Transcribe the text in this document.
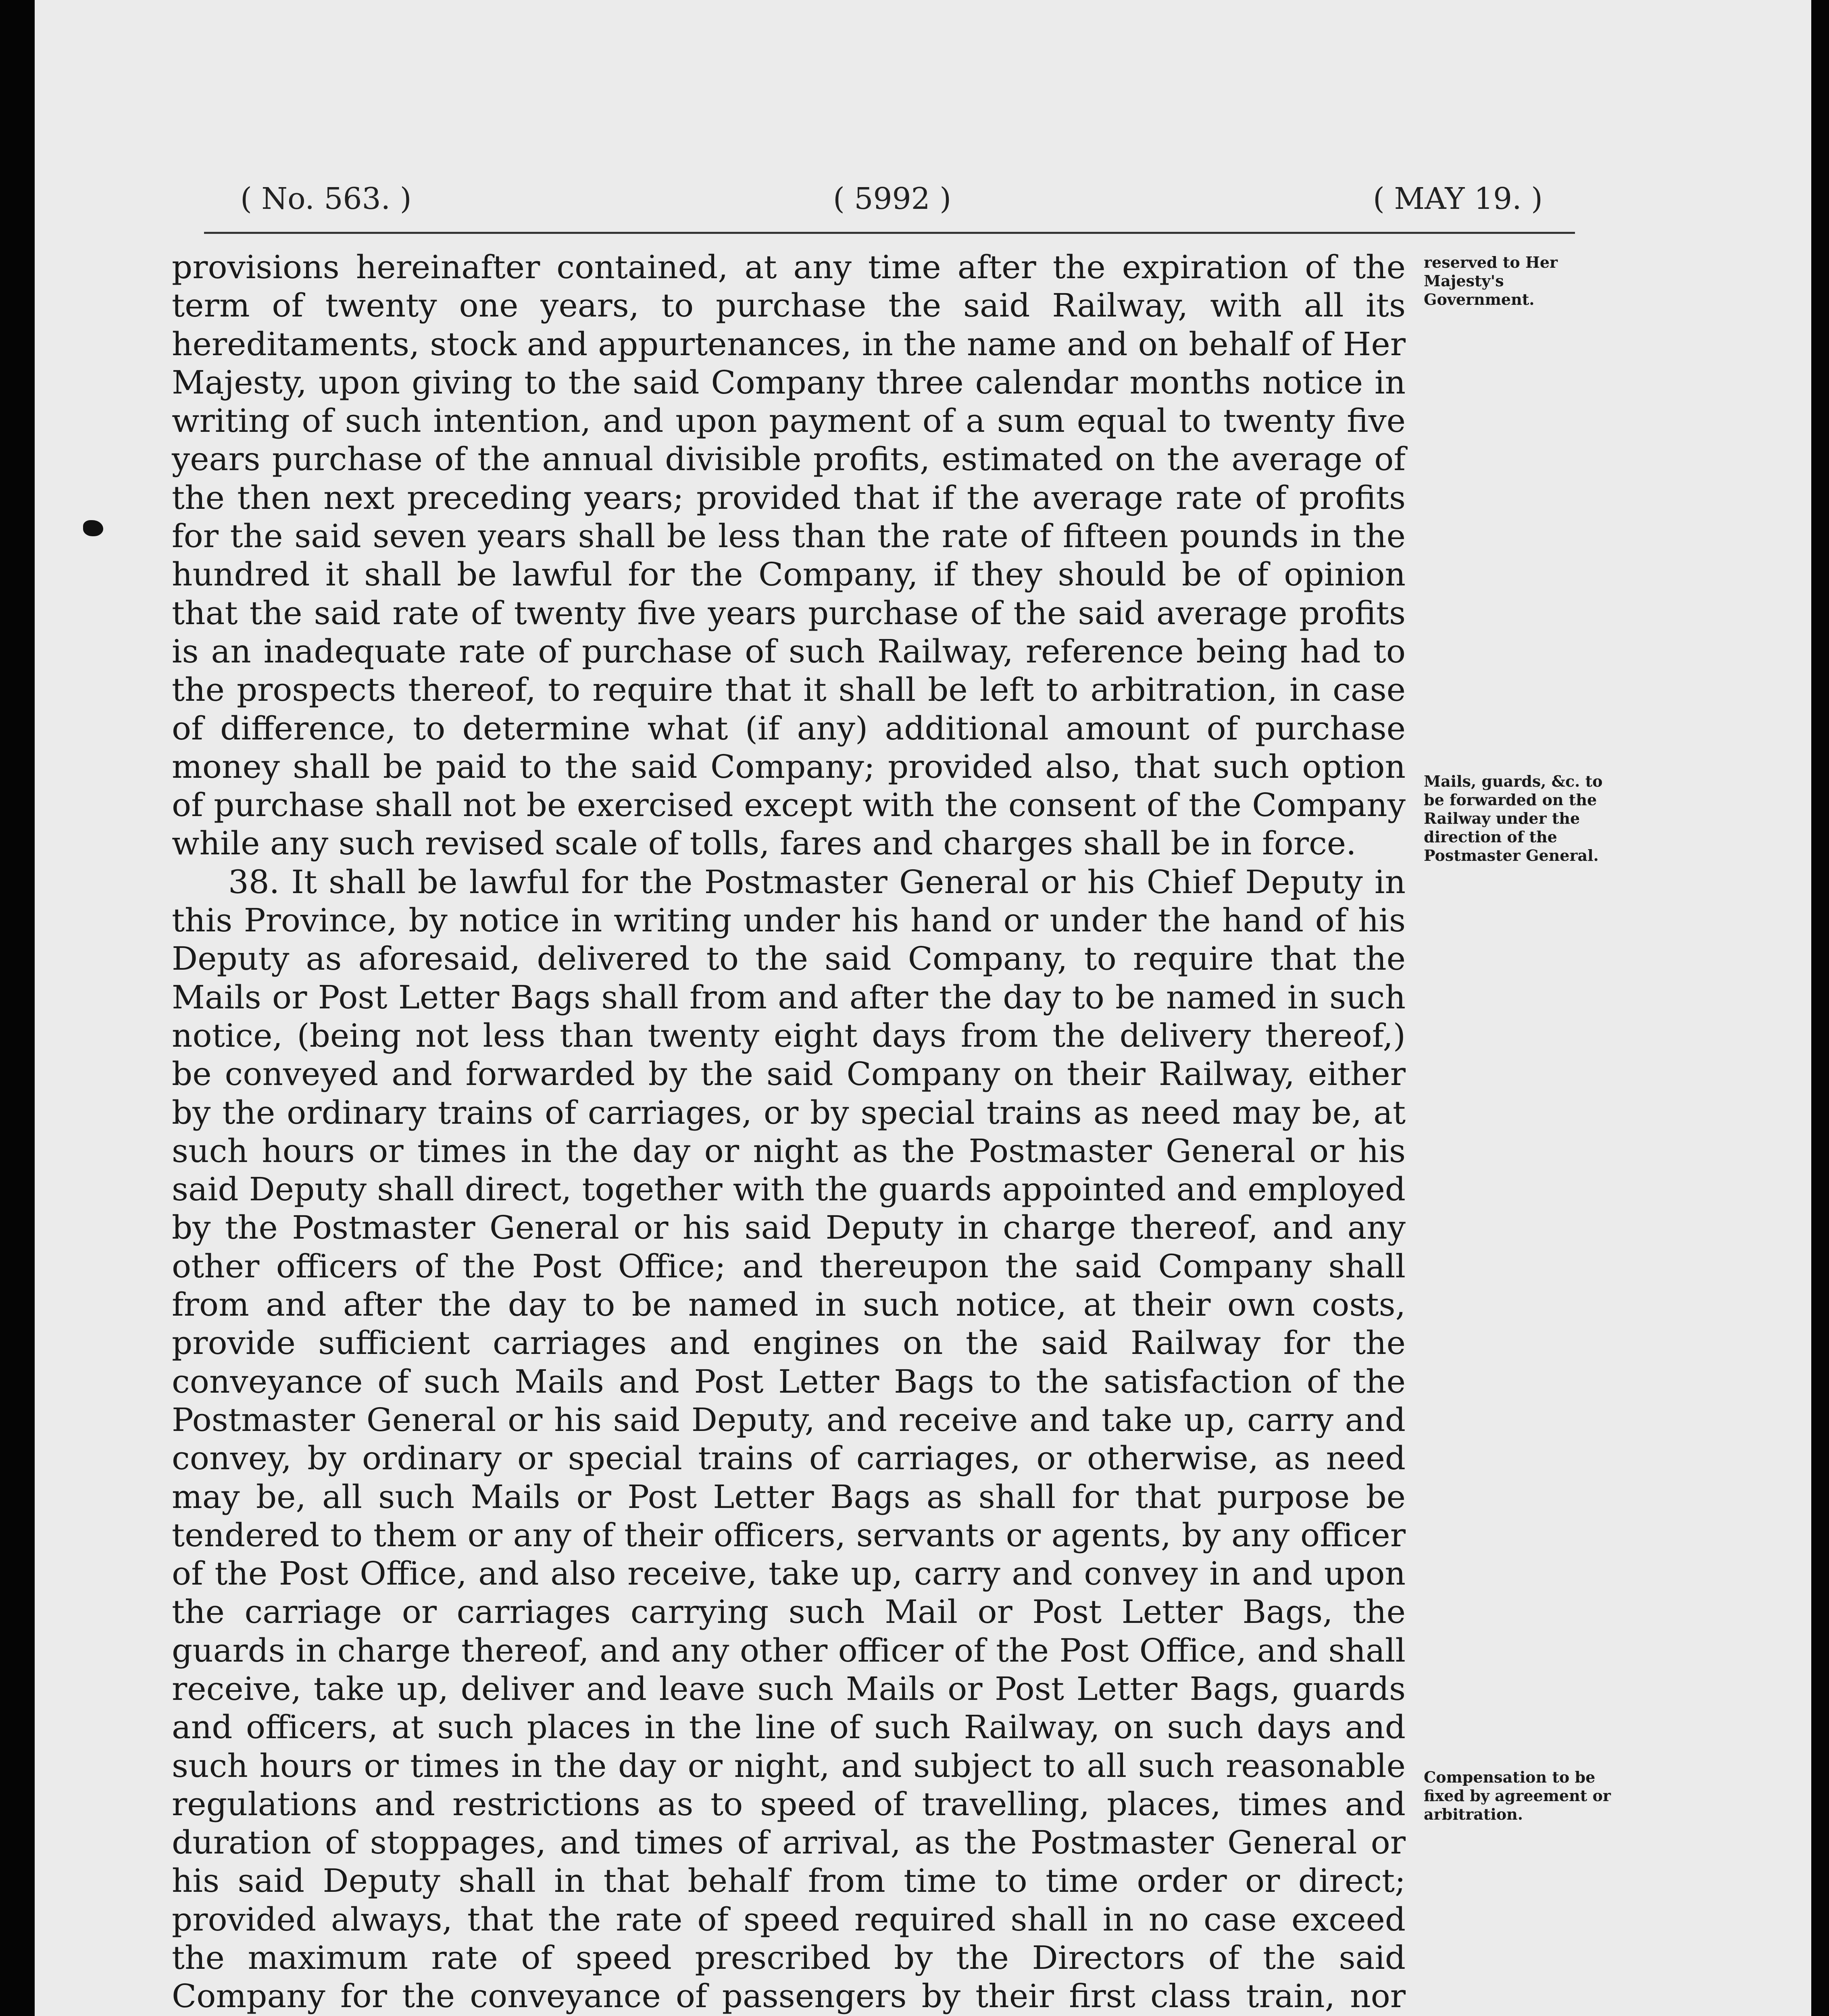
( No. 563. )	( 5992 )	( MAY 19. )

provisions hereinafter contained, at any time after the expiration of the term of twenty one years, to purchase the said Railway, with all its hereditaments, stock and appurtenances, in the name and on behalf of Her Majesty, upon giving to the said Company three calendar months notice in writing of such intention, and upon payment of a sum equal to twenty five years purchase of the annual divisible profits, estimated on the average of the then next preceding years; provided that if the average rate of profits for the said seven years shall be less than the rate of fifteen pounds in the hundred it shall be lawful for the Company, if they should be of opinion that the said rate of twenty five years purchase of the said average profits is an inadequate rate of purchase of such Railway, reference being had to the prospects thereof, to require that it shall be left to arbitration, in case of difference, to determine what (if any) additional amount of purchase money shall be paid to the said Company; provided also, that such option of purchase shall not be exercised except with the consent of the Company while any such revised scale of tolls, fares and charges shall be in force.

38. It shall be lawful for the Postmaster General or his Chief Deputy in this Province, by notice in writing under his hand or under the hand of his Deputy as aforesaid, delivered to the said Company, to require that the Mails or Post Letter Bags shall from and after the day to be named in such notice, (being not less than twenty eight days from the delivery thereof,) be conveyed and forwarded by the said Company on their Railway, either by the ordinary trains of carriages, or by special trains as need may be, at such hours or times in the day or night as the Postmaster General or his said Deputy shall direct, together with the guards appointed and employed by the Postmaster General or his said Deputy in charge thereof, and any other officers of the Post Office; and thereupon the said Company shall from and after the day to be named in such notice, at their own costs, provide sufficient carriages and engines on the said Railway for the conveyance of such Mails and Post Letter Bags to the satisfaction of the Postmaster General or his said Deputy, and receive and take up, carry and convey, by ordinary or special trains of carriages, or otherwise, as need may be, all such Mails or Post Letter Bags as shall for that purpose be tendered to them or any of their officers, servants or agents, by any officer of the Post Office, and also receive, take up, carry and convey in and upon the carriage or carriages carrying such Mail or Post Letter Bags, the guards in charge thereof, and any other officer of the Post Office, and shall receive, take up, deliver and leave such Mails or Post Letter Bags, guards and officers, at such places in the line of such Railway, on such days and such hours or times in the day or night, and subject to all such reasonable regulations and restrictions as to speed of travelling, places, times and duration of stoppages, and times of arrival, as the Postmaster General or his said Deputy shall in that behalf from time to time order or direct; provided always, that the rate of speed required shall in no case exceed the maximum rate of speed prescribed by the Directors of the said Company for the conveyance of passengers by their first class train, nor

reserved to Her Majesty's Government.
Mails, guards, &c. to be forwarded on the Railway under the direction of the Postmaster General.
Compensation to be fixed by agreement or arbitration.
